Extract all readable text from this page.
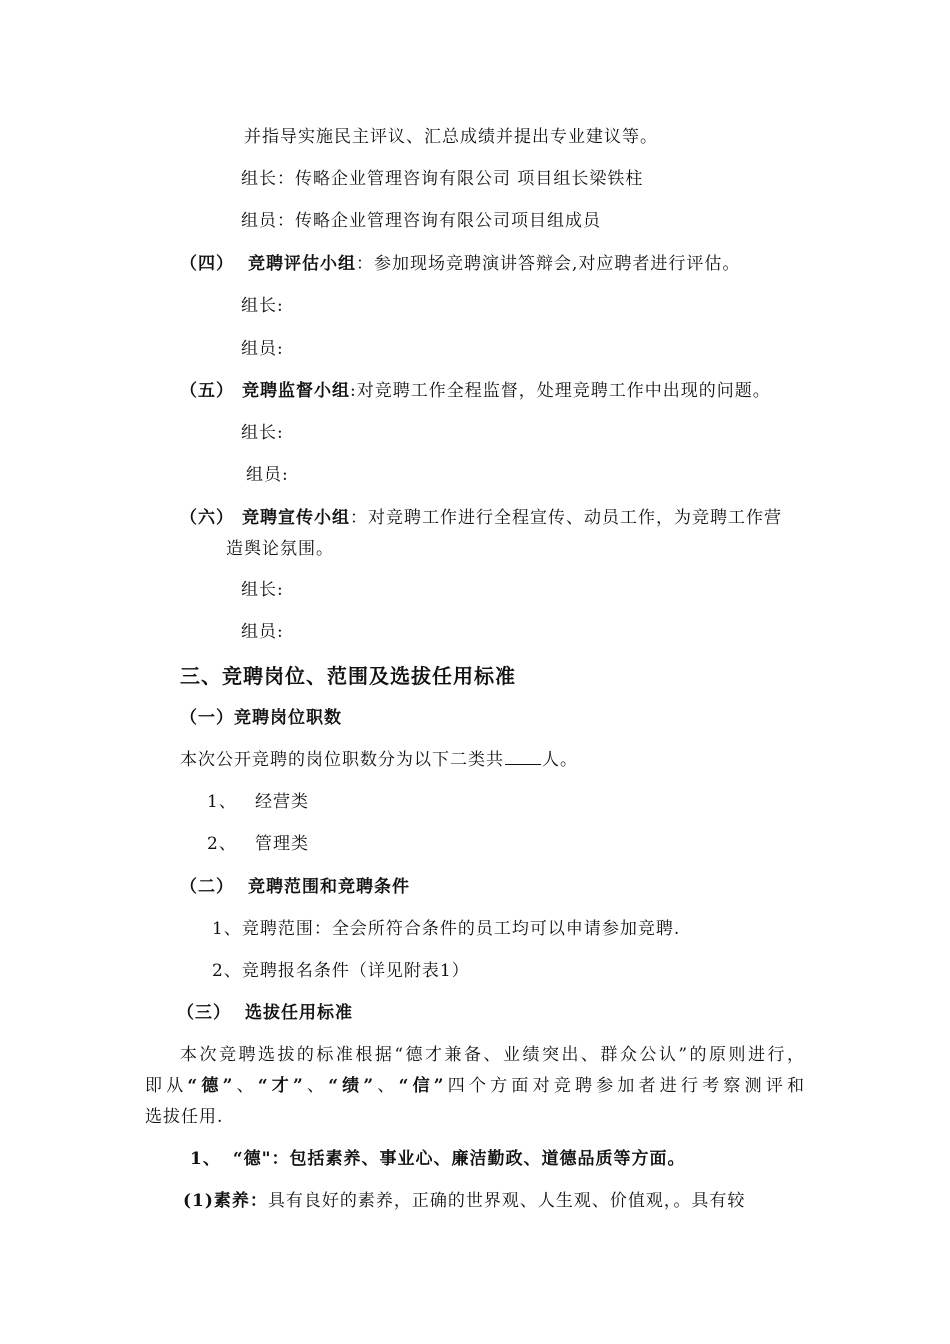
并指导实施民主评议、汇总成绩并提出专业建议等。
组长：传略企业管理咨询有限公司 项目组长梁铁柱
组员：传略企业管理咨询有限公司项目组成员
（四） 竞聘评估小组：参加现场竞聘演讲答辩会,对应聘者进行评估。
组长:
组员:
（五） 竞聘监督小组:对竞聘工作全程监督，处理竞聘工作中出现的问题。
组长:
组员:
（六） 竞聘宣传小组：对竞聘工作进行全程宣传、动员工作，为竞聘工作营
造舆论氛围。
组长:
组员:
三、竞聘岗位、范围及选拔任用标准
（一）竞聘岗位职数
本次公开竞聘的岗位职数分为以下二类共 人。
1、 经营类
2、 管理类
（二） 竞聘范围和竞聘条件
1、竞聘范围：全会所符合条件的员工均可以申请参加竞聘.
2、竞聘报名条件（详见附表1）
（三） 选拔任用标准
本次竞聘选拔的标准根据“德才兼备、业绩突出、群众公认”的原则进行，
即从“德”、“才”、“绩”、“信”四个方面对竞聘参加者进行考察测评和
选拔任用.
1、 “德"：包括素养、事业心、廉洁勤政、道德品质等方面。
(1)素养：具有良好的素养，正确的世界观、人生观、价值观，。具有较
